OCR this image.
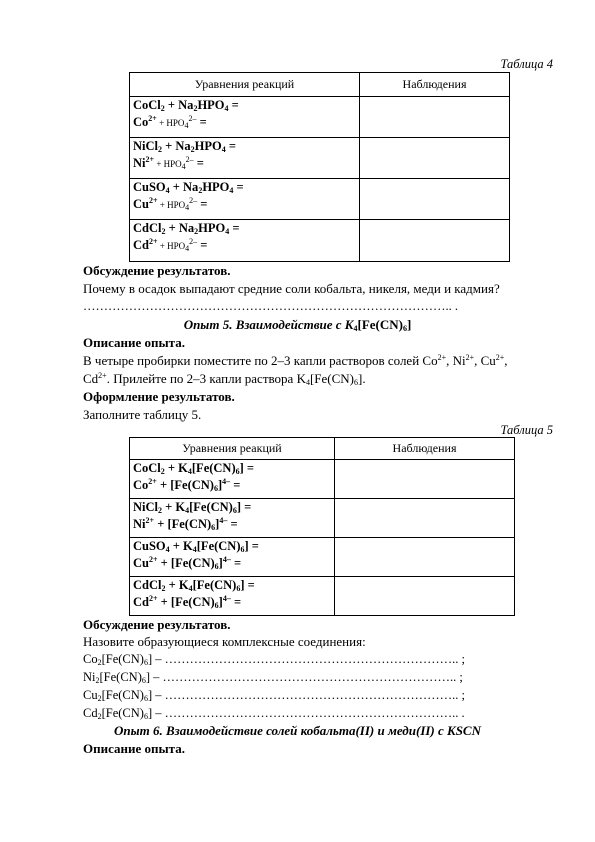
Таблица 4
Уравнения реакций	Наблюдения

CoCl$_2$ + $Na_2HPO_4$ =
$Co^{2+} + HPO_4^{2-}$ =	

NiCl$_2$ + $Na_2HPO_4$ =
$Ni^{2+} + HPO_4^{2-}$ =	

CuSO$_4$ + $Na_2HPO_4$ =
$Cu^{2+} + HPO_4^{2-}$ =	

CdCl$_2$ + $Na_2HPO_4$ =
$Cd^{2+} + HPO_4^{2-}$ =	

Обсуждение результатов.
Почему в осадок выпадают средние соли кобальта, никеля, меди и кадмия?
…………………………………………………………………………….. .
Опыт 5. Взаимодействие с $K_4[Fe(CN)_6]$
Описание опыта.
В четыре пробирки поместите по 2–3 капли растворов солей $Co^{2+}$, $Ni^{2+}$, $Cu^{2+}$,
$Cd^{2+}$. Прилейте по 2–3 капли раствора $K_4[Fe(CN)_6]$.
Оформление результатов.
Заполните таблицу 5.
Таблица 5
Уравнения реакций	Наблюдения

CoCl$_2$ + $K_4[Fe(CN)_6]$ =
$Co^{2+} + [Fe(CN)_6]^{4-}$ =	

NiCl$_2$ + $K_4[Fe(CN)_6]$ =
$Ni^{2+} + [Fe(CN)_6]^{4-}$ =	

CuSO$_4$ + $K_4[Fe(CN)_6]$ =
$Cu^{2+} + [Fe(CN)_6]^{4-}$ =	

CdCl$_2$ + $K_4[Fe(CN)_6]$ =
$Cd^{2+} + [Fe(CN)_6]^{4-}$ =	

Обсуждение результатов.
Назовите образующиеся комплексные соединения:
$Co_2[Fe(CN)_6]$ – …………………………………………………………….. ;
$Ni_2[Fe(CN)_6]$ – …………………………………………………………….. ;
$Cu_2[Fe(CN)_6]$ – …………………………………………………………….. ;
$Cd_2[Fe(CN)_6]$ – …………………………………………………………….. .
Опыт 6. Взаимодействие солей кобальта(II) и меди(II) с KSCN
Описание опыта.
